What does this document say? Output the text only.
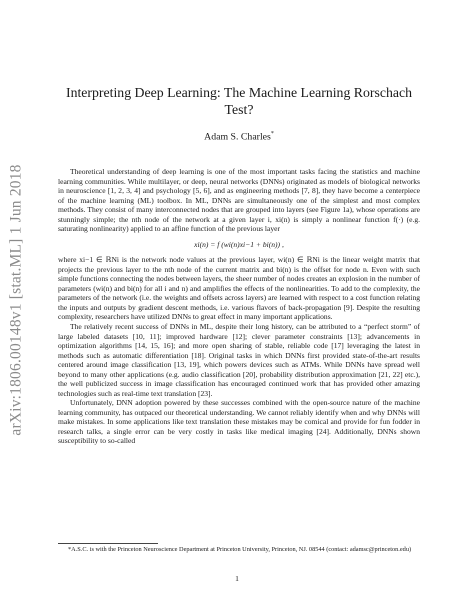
arXiv:1806.00148v1 [stat.ML] 1 Jun 2018
Interpreting Deep Learning: The Machine Learning Rorschach Test?
Adam S. Charles*

Theoretical understanding of deep learning is one of the most important tasks facing the statistics and machine learning communities. While multilayer, or deep, neural networks (DNNs) originated as models of biological networks in neuroscience [1, 2, 3, 4] and psychology [5, 6], and as engineering methods [7, 8], they have become a centerpiece of the machine learning (ML) toolbox. In ML, DNNs are simultaneously one of the simplest and most complex methods. They consist of many interconnected nodes that are grouped into layers (see Figure 1a), whose operations are stunningly simple; the nth node of the network at a given layer i, xi(n) is simply a nonlinear function f(·) (e.g. saturating nonlinearity) applied to an affine function of the previous layer

xi(n) = f (wi(n)xi−1 + bi(n)) ,

where xi−1 ∈ ℝNi is the network node values at the previous layer, wi(n) ∈ ℝNi is the linear weight matrix that projects the previous layer to the nth node of the current matrix and bi(n) is the offset for node n. Even with such simple functions connecting the nodes between layers, the sheer number of nodes creates an explosion in the number of parameters (wi(n) and bi(n) for all i and n) and amplifies the effects of the nonlinearities. To add to the complexity, the parameters of the network (i.e. the weights and offsets across layers) are learned with respect to a cost function relating the inputs and outputs by gradient descent methods, i.e. various flavors of back-propagation [9]. Despite the resulting complexity, researchers have utilized DNNs to great effect in many important applications.

The relatively recent success of DNNs in ML, despite their long history, can be attributed to a “perfect storm” of large labeled datasets [10, 11]; improved hardware [12]; clever parameter constraints [13]; advancements in optimization algorithms [14, 15, 16]; and more open sharing of stable, reliable code [17] leveraging the latest in methods such as automatic differentiation [18]. Original tasks in which DNNs first provided state-of-the-art results centered around image classification [13, 19], which powers devices such as ATMs. While DNNs have spread well beyond to many other applications (e.g. audio classification [20], probability distribution approximation [21, 22] etc.), the well publicized success in image classification has encouraged continued work that has provided other amazing technologies such as real-time text translation [23].

Unfortunately, DNN adoption powered by these successes combined with the open-source nature of the machine learning community, has outpaced our theoretical understanding. We cannot reliably identify when and why DNNs will make mistakes. In some applications like text translation these mistakes may be comical and provide for fun fodder in research talks, a single error can be very costly in tasks like medical imaging [24]. Additionally, DNNs shown susceptibility to so-called

*A.S.C. is with the Princeton Neuroscience Department at Princeton University, Princeton, NJ. 08544 (contact: adamsc@princeton.edu)
1
